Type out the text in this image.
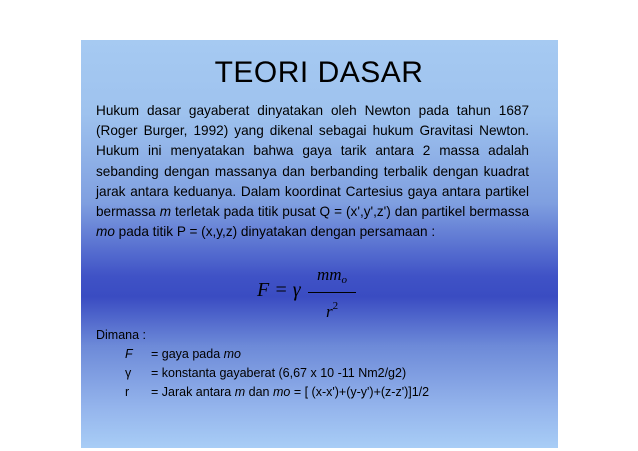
TEORI DASAR

Hukum dasar gayaberat dinyatakan oleh Newton pada tahun 1687 (Roger Burger, 1992) yang dikenal sebagai hukum Gravitasi Newton. Hukum ini menyatakan bahwa gaya tarik antara 2 massa adalah sebanding dengan massanya dan berbanding terbalik dengan kuadrat jarak antara keduanya. Dalam koordinat Cartesius gaya antara partikel bermassa m terletak pada titik pusat Q = (x',y',z') dan partikel bermassa mo pada titik P = (x,y,z) dinyatakan dengan persamaan :

F = γ
$mm_o$
$r^2$

Dimana :

F = gaya pada mo
γ = konstanta gayaberat (6,67 x 10 -11 Nm2/g2)
r = Jarak antara m dan mo = [ (x-x')+(y-y')+(z-z')]1/2
